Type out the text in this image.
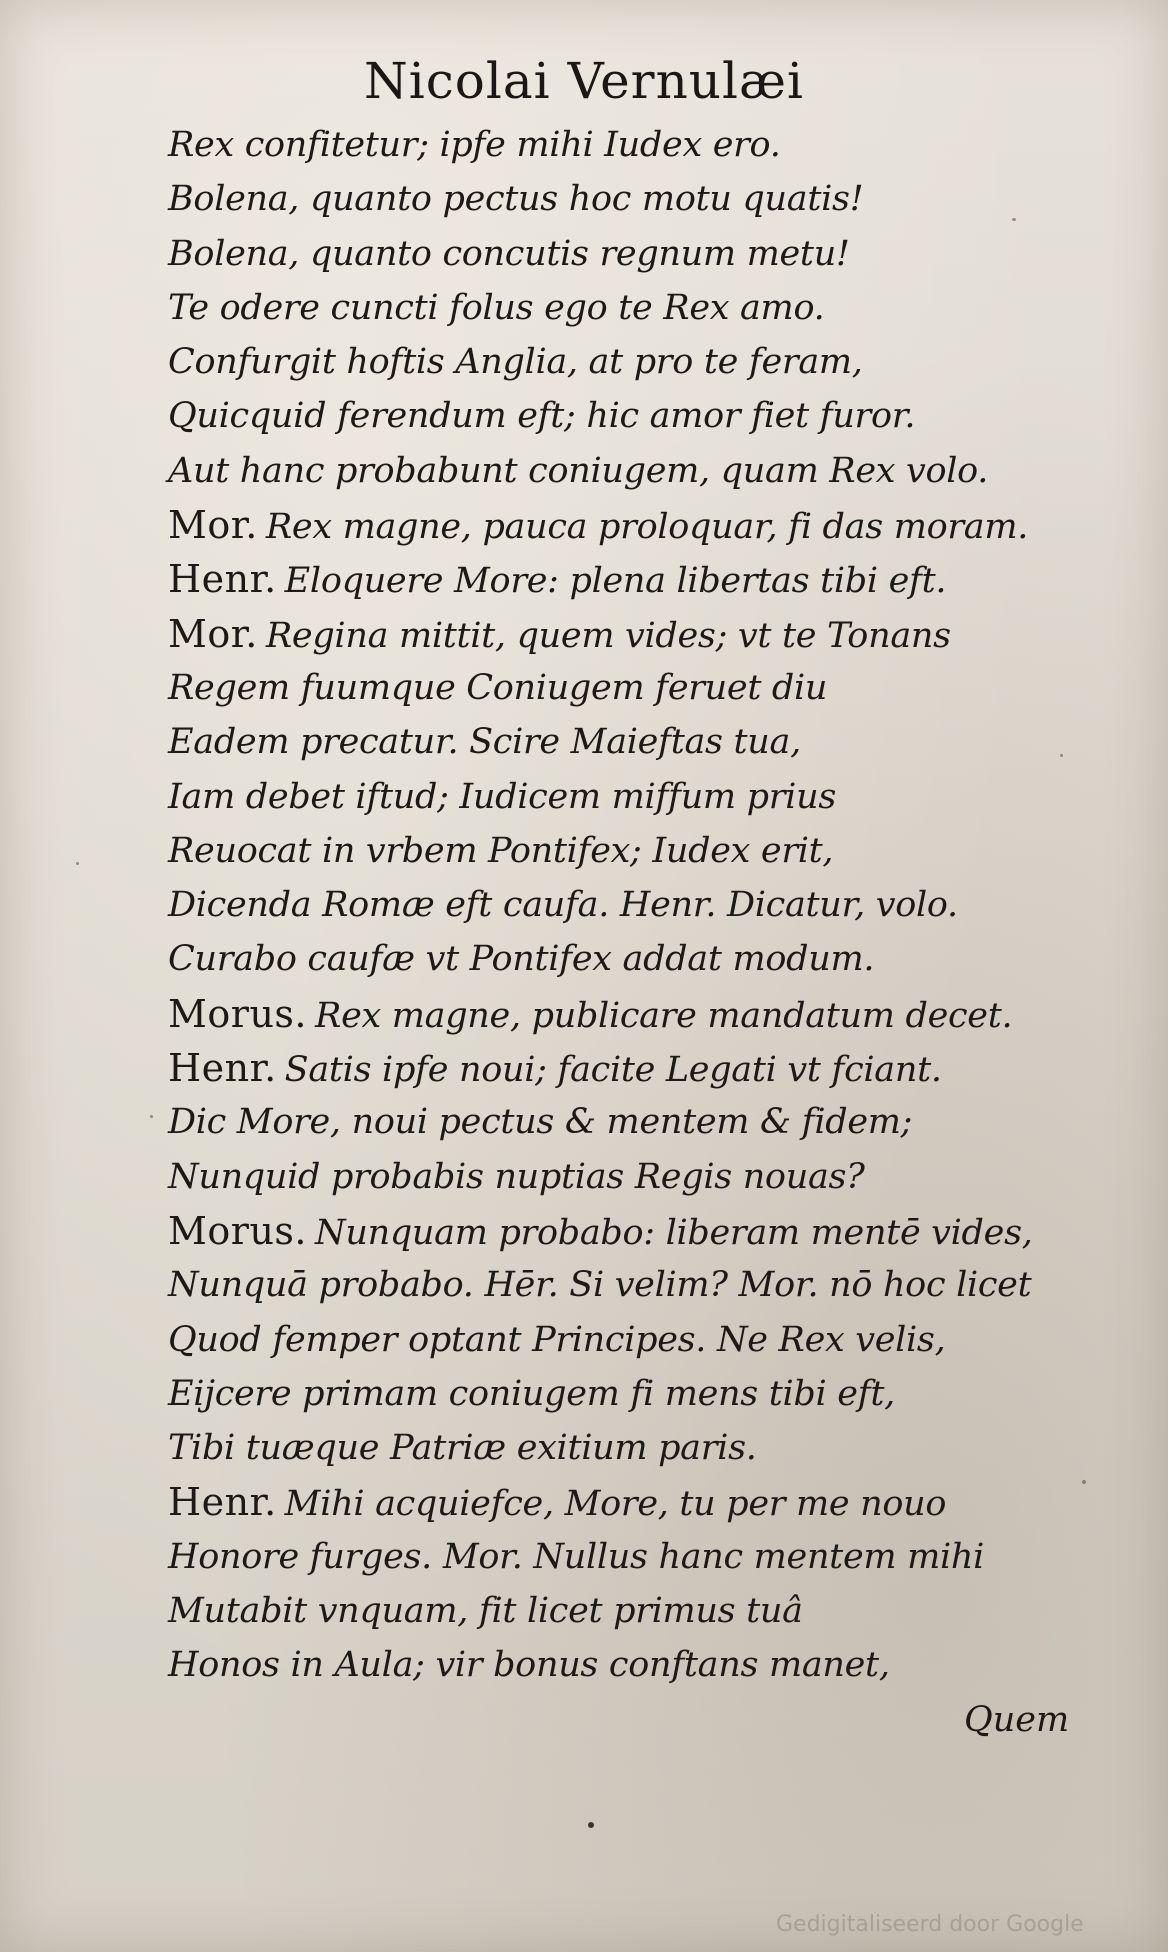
Nicolai Vernulæi
Rex confitetur; ipfe mihi Iudex ero.
Bolena, quanto pectus hoc motu quatis!
Bolena, quanto concutis regnum metu!
Te odere cuncti folus ego te Rex amo.
Confurgit hoftis Anglia, at pro te feram,
Quicquid ferendum eft; hic amor fiet furor.
Aut hanc probabunt coniugem, quam Rex volo.
Mor. Rex magne, pauca proloquar, fi das moram.
Henr. Eloquere More: plena libertas tibi eft.
Mor. Regina mittit, quem vides; vt te Tonans
Regem fuumque Coniugem feruet diu
Eadem precatur. Scire Maieftas tua,
Iam debet iftud; Iudicem miffum prius
Reuocat in vrbem Pontifex; Iudex erit,
Dicenda Romæ eft caufa. Henr. Dicatur, volo.
Curabo caufæ vt Pontifex addat modum.
Morus. Rex magne, publicare mandatum decet.
Henr. Satis ipfe noui; facite Legati vt fciant.
Dic More, noui pectus & mentem & fidem;
Nunquid probabis nuptias Regis nouas?
Morus. Nunquam probabo: liberam mentē vides,
Nunquā probabo. Hēr. Si velim? Mor. nō hoc licet
Quod femper optant Principes. Ne Rex velis,
Eijcere primam coniugem fi mens tibi eft,
Tibi tuæque Patriæ exitium paris.
Henr. Mihi acquiefce, More, tu per me nouo
Honore furges. Mor. Nullus hanc mentem mihi
Mutabit vnquam, fit licet primus tuâ
Honos in Aula; vir bonus conftans manet,
Quem
Gedigitaliseerd door Google
